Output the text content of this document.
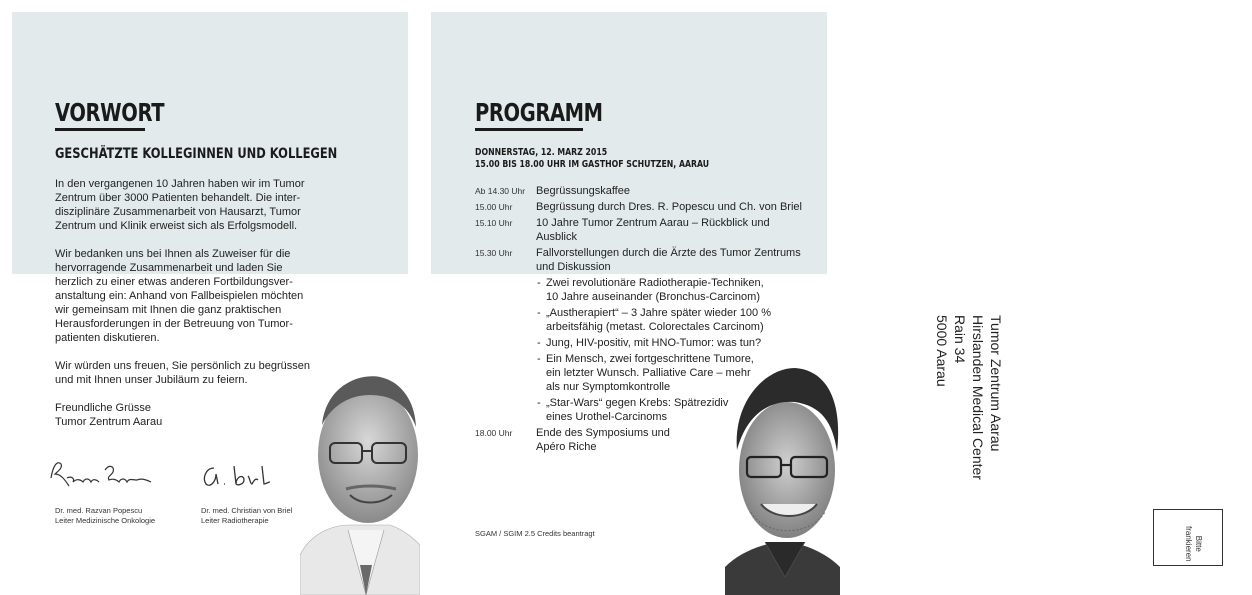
VORWORT
GESCHÄTZTE KOLLEGINNEN UND KOLLEGEN

In den vergangenen 10 Jahren haben wir im Tumor
Zentrum über 3000 Patienten behandelt. Die inter-
disziplinäre Zusammenarbeit von Hausarzt, Tumor
Zentrum und Klinik erweist sich als Erfolgsmodell.

Wir bedanken uns bei Ihnen als Zuweiser für die
hervorragende Zusammenarbeit und laden Sie
herzlich zu einer etwas anderen Fortbildungsver-
anstaltung ein: Anhand von Fallbeispielen möchten
wir gemeinsam mit Ihnen die ganz praktischen
Herausforderungen in der Betreuung von Tumor-
patienten diskutieren.

Wir würden uns freuen, Sie persönlich zu begrüssen
und mit Ihnen unser Jubiläum zu feiern.

Freundliche Grüsse
Tumor Zentrum Aarau

Dr. med. Razvan Popescu
Leiter Medizinische Onkologie
Dr. med. Christian von Briel
Leiter Radiotherapie
PROGRAMM
DONNERSTAG, 12. MÄRZ 2015
15.00 BIS 18.00 UHR IM GASTHOF SCHÜTZEN, AARAU
Ab 14.30 Uhr Begrüssungskaffee
15.00 Uhr Begrüssung durch Dres. R. Popescu und Ch. von Briel
15.10 Uhr 10 Jahre Tumor Zentrum Aarau – Rückblick und
Ausblick
15.30 Uhr Fallvorstellungen durch die Ärzte des Tumor Zentrums
und Diskussion
- Zwei revolutionäre Radiotherapie-Techniken,
10 Jahre auseinander (Bronchus-Carcinom)
- „Austherapiert“ – 3 Jahre später wieder 100 %
arbeitsfähig (metast. Colorectales Carcinom)
- Jung, HIV-positiv, mit HNO-Tumor: was tun?
- Ein Mensch, zwei fortgeschrittene Tumore,
ein letzter Wunsch. Palliative Care – mehr
als nur Symptomkontrolle
- „Star-Wars“ gegen Krebs: Spätrezidiv
eines Urothel-Carcinoms
18.00 Uhr Ende des Symposiums und
Apéro Riche
SGAM / SGIM 2.5 Credits beantragt
Tumor Zentrum Aarau
Hirslanden Medical Center
Rain 34
5000 Aarau
Bitte
frankieren
